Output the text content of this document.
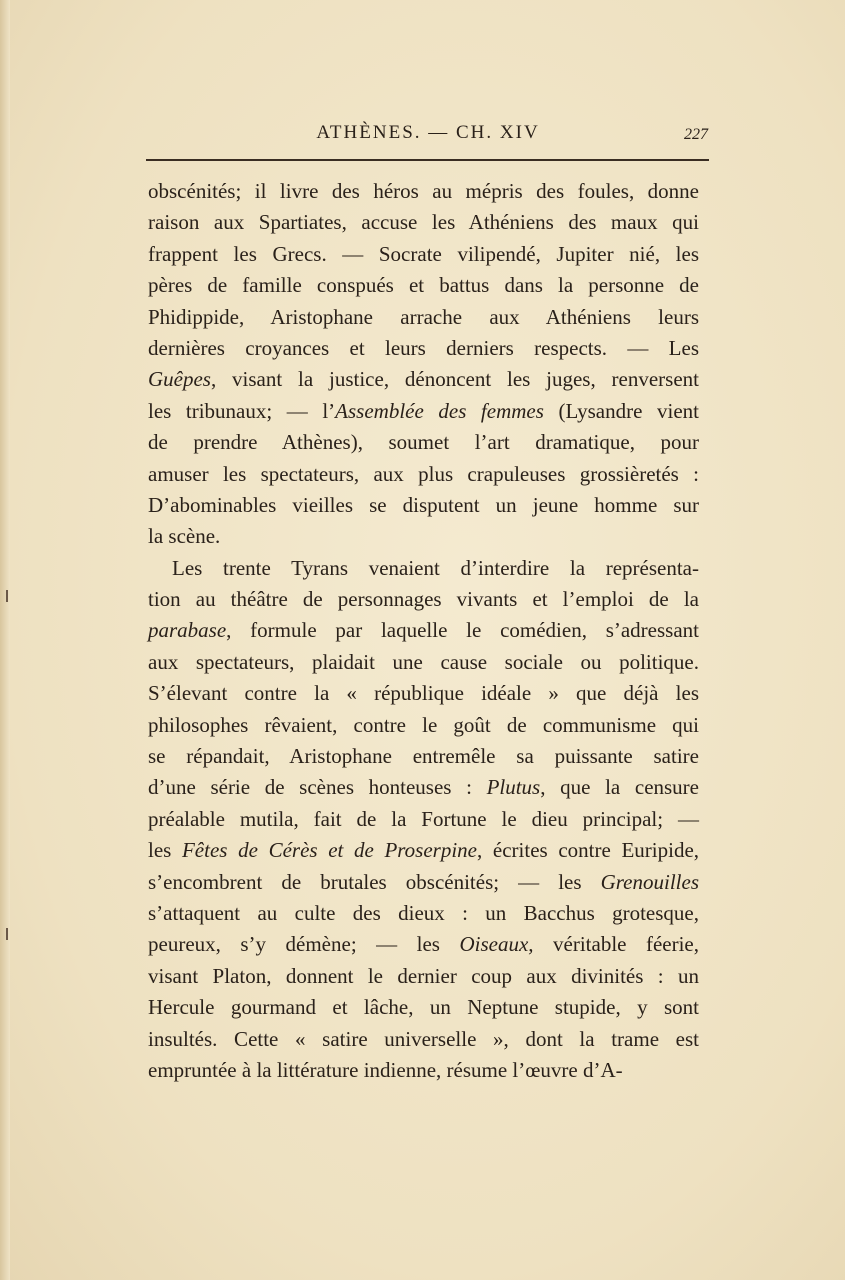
ATHÈNES. — CH. XIV	227
obscénités; il livre des héros au mépris des foules, donne
raison aux Spartiates, accuse les Athéniens des maux qui
frappent les Grecs. — Socrate vilipendé, Jupiter nié, les
pères de famille conspués et battus dans la personne de
Phidippide, Aristophane arrache aux Athéniens leurs
dernières croyances et leurs derniers respects. — Les
Guêpes, visant la justice, dénoncent les juges, renversent
les tribunaux; — l’Assemblée des femmes (Lysandre vient
de prendre Athènes), soumet l’art dramatique, pour
amuser les spectateurs, aux plus crapuleuses grossièretés :
D’abominables vieilles se disputent un jeune homme sur
la scène.
Les trente Tyrans venaient d’interdire la représenta-
tion au théâtre de personnages vivants et l’emploi de la
parabase, formule par laquelle le comédien, s’adressant
aux spectateurs, plaidait une cause sociale ou politique.
S’élevant contre la « république idéale » que déjà les
philosophes rêvaient, contre le goût de communisme qui
se répandait, Aristophane entremêle sa puissante satire
d’une série de scènes honteuses : Plutus, que la censure
préalable mutila, fait de la Fortune le dieu principal; —
les Fêtes de Cérès et de Proserpine, écrites contre Euripide,
s’encombrent de brutales obscénités; — les Grenouilles
s’attaquent au culte des dieux : un Bacchus grotesque,
peureux, s’y démène; — les Oiseaux, véritable féerie,
visant Platon, donnent le dernier coup aux divinités : un
Hercule gourmand et lâche, un Neptune stupide, y sont
insultés. Cette « satire universelle », dont la trame est
empruntée à la littérature indienne, résume l’œuvre d’A-
